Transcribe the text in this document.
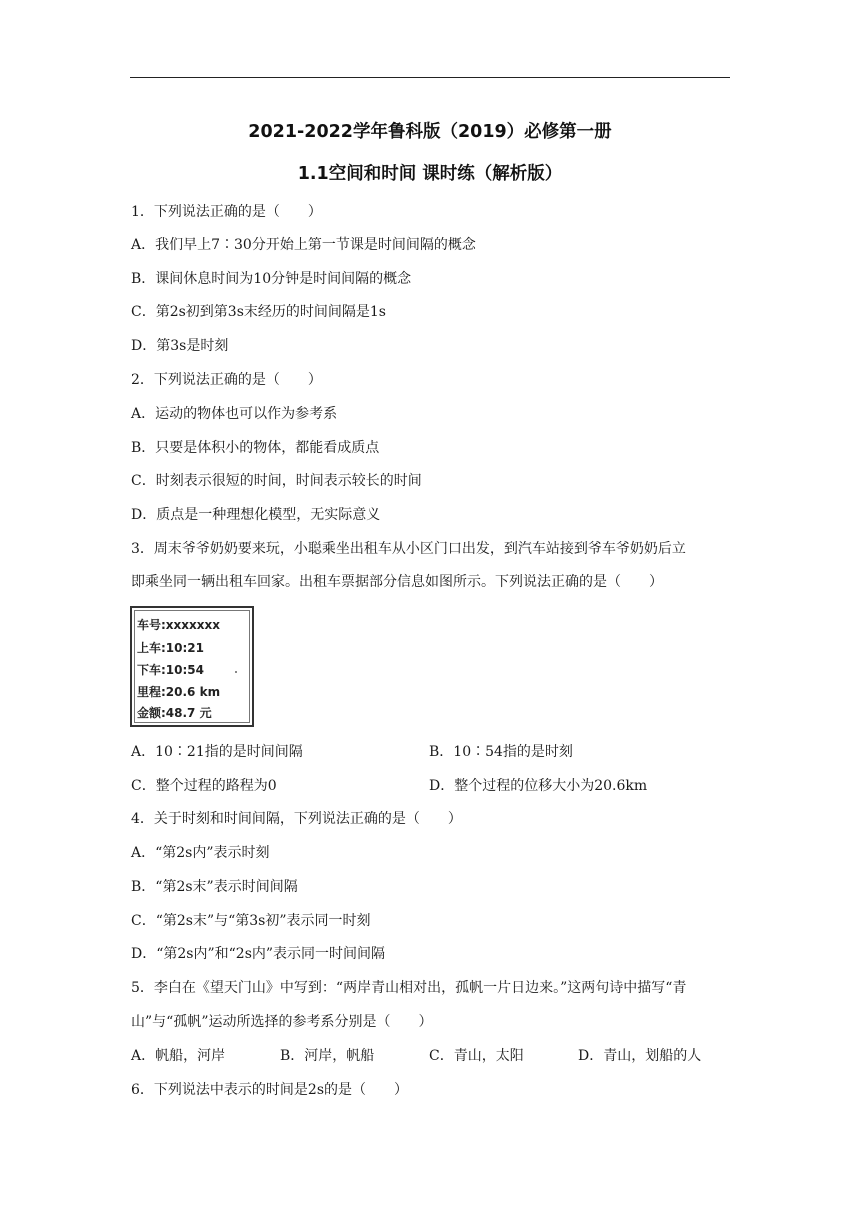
2021-2022学年鲁科版（2019）必修第一册
1.1空间和时间 课时练（解析版）
1．下列说法正确的是（　　）
A．我们早上7∶30分开始上第一节课是时间间隔的概念
B．课间休息时间为10分钟是时间间隔的概念
C．第2s初到第3s末经历的时间间隔是1s
D．第3s是时刻
2．下列说法正确的是（　　）
A．运动的物体也可以作为参考系
B．只要是体积小的物体，都能看成质点
C．时刻表示很短的时间，时间表示较长的时间
D．质点是一种理想化模型，无实际意义
3．周末爷爷奶奶要来玩，小聪乘坐出租车从小区门口出发，到汽车站接到爷车爷奶奶后立
即乘坐同一辆出租车回家。出租车票据部分信息如图所示。下列说法正确的是（　　）
车号:xxxxxxx
上车:10:21
下车:10:54
里程:20.6 km
金额:48.7 元
A．10∶21指的是时间间隔	B．10∶54指的是时刻
C．整个过程的路程为0	D．整个过程的位移大小为20.6km
4．关于时刻和时间间隔，下列说法正确的是（　　）
A．“第2s内”表示时刻
B．“第2s末”表示时间间隔
C．“第2s末”与“第3s初”表示同一时刻
D．“第2s内”和“2s内”表示同一时间间隔
5．李白在《望天门山》中写到：“两岸青山相对出，孤帆一片日边来。”这两句诗中描写“青
山”与“孤帆”运动所选择的参考系分别是（　　）
A．帆船，河岸	B．河岸，帆船	C．青山，太阳	D．青山，划船的人
6．下列说法中表示的时间是2s的是（　　）
